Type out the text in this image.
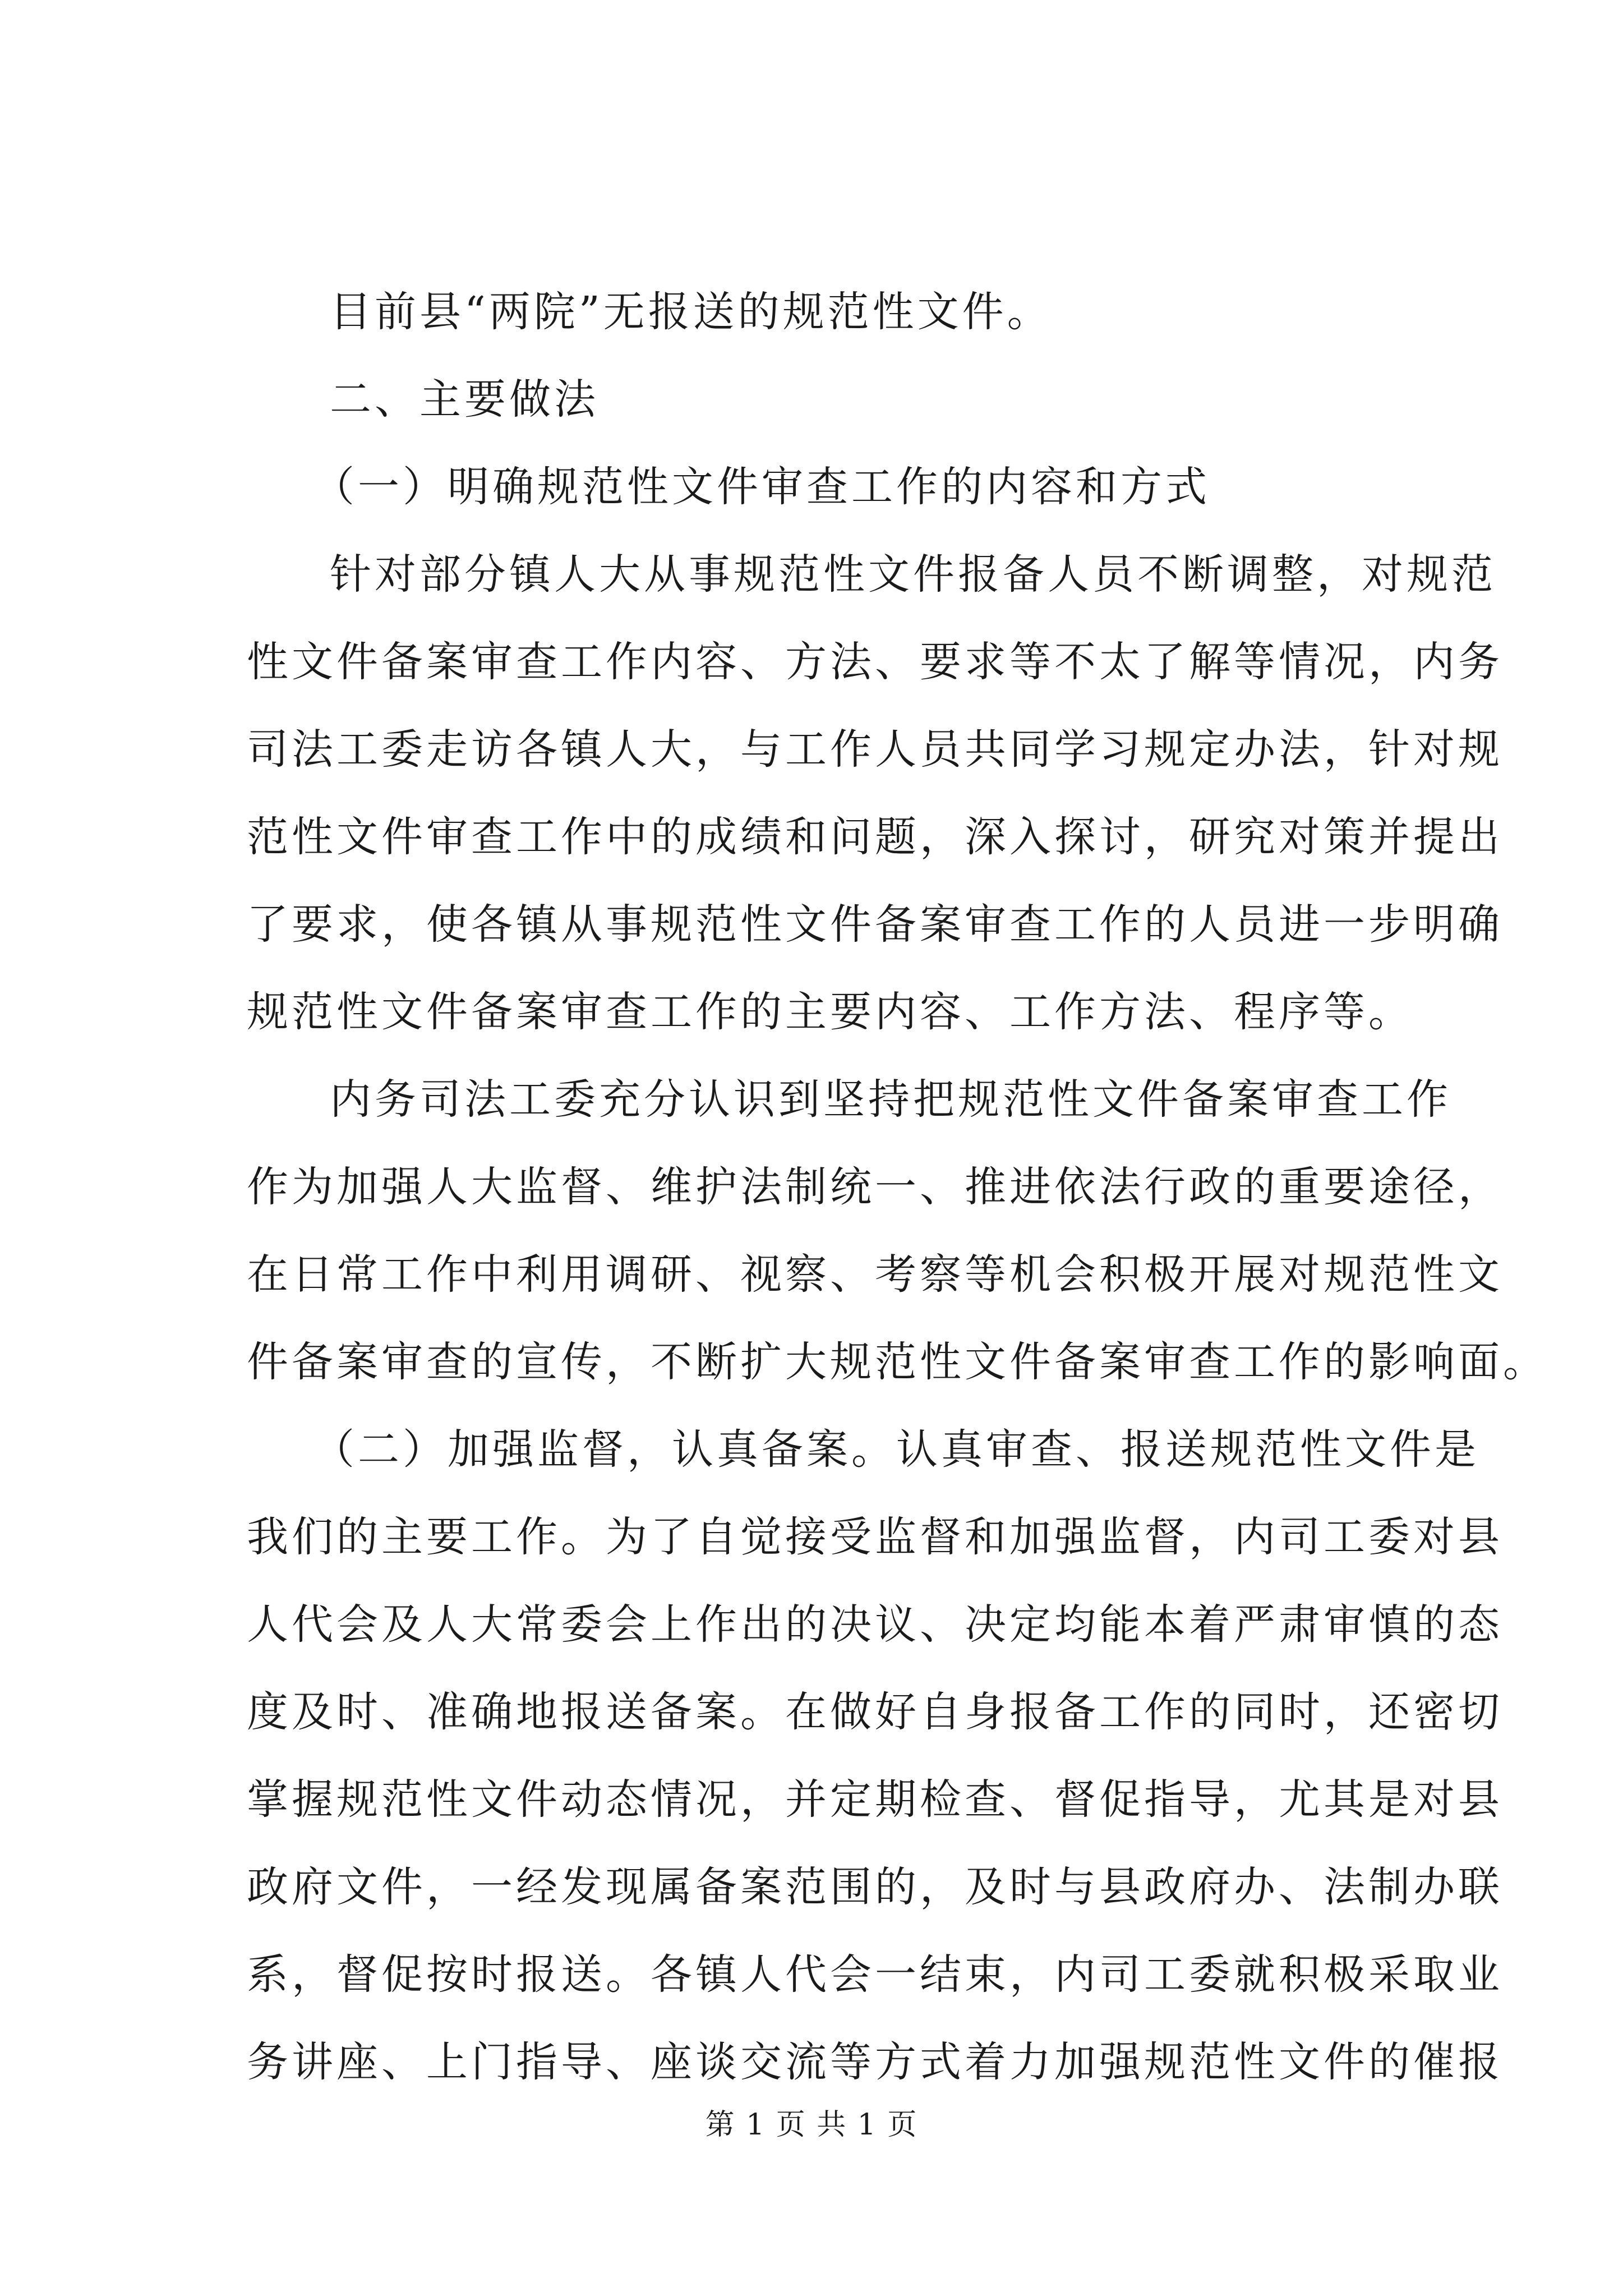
目前县“两院”无报送的规范性文件。
二、主要做法
（一）明确规范性文件审查工作的内容和方式
针对部分镇人大从事规范性文件报备人员不断调整，对规范
性文件备案审查工作内容、方法、要求等不太了解等情况，内务
司法工委走访各镇人大，与工作人员共同学习规定办法，针对规
范性文件审查工作中的成绩和问题，深入探讨，研究对策并提出
了要求，使各镇从事规范性文件备案审查工作的人员进一步明确
规范性文件备案审查工作的主要内容、工作方法、程序等。
内务司法工委充分认识到坚持把规范性文件备案审查工作
作为加强人大监督、维护法制统一、推进依法行政的重要途径，
在日常工作中利用调研、视察、考察等机会积极开展对规范性文
件备案审查的宣传，不断扩大规范性文件备案审查工作的影响面。
（二）加强监督，认真备案。认真审查、报送规范性文件是
我们的主要工作。为了自觉接受监督和加强监督，内司工委对县
人代会及人大常委会上作出的决议、决定均能本着严肃审慎的态
度及时、准确地报送备案。在做好自身报备工作的同时，还密切
掌握规范性文件动态情况，并定期检查、督促指导，尤其是对县
政府文件，一经发现属备案范围的，及时与县政府办、法制办联
系，督促按时报送。各镇人代会一结束，内司工委就积极采取业
务讲座、上门指导、座谈交流等方式着力加强规范性文件的催报
第 1 页 共 1 页
